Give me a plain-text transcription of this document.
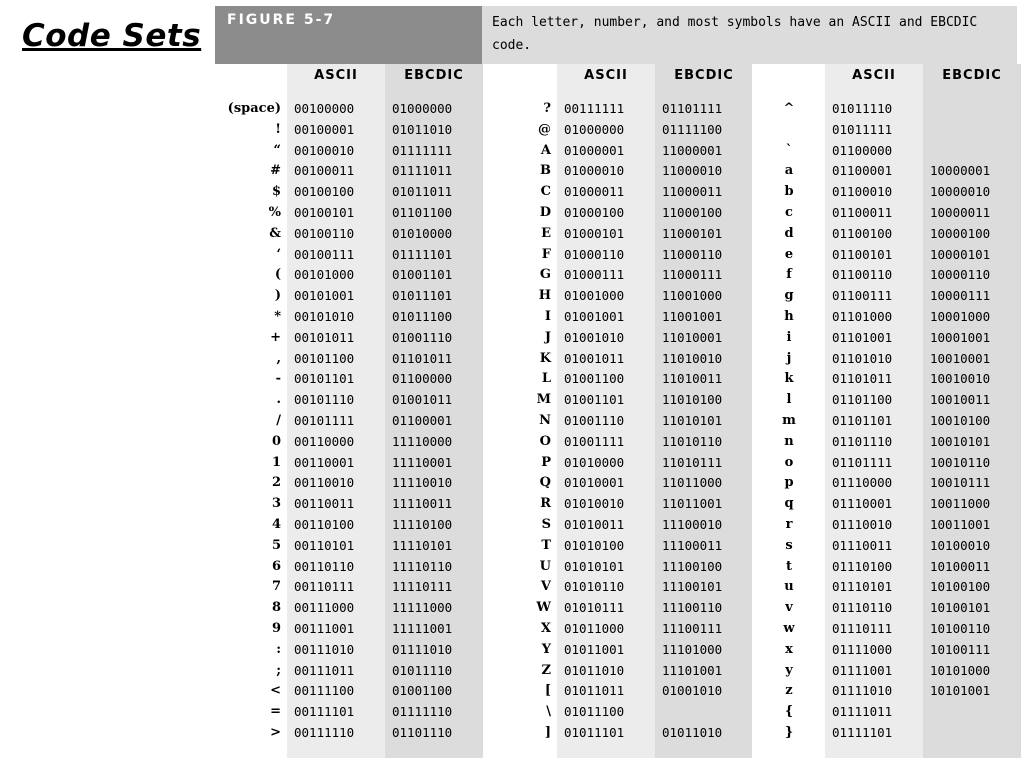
Code Sets	FIGURE 5-7	Each letter, number, and most symbols have an ASCII and EBCDIC code.
(space)
!
“
#
$
%
&
‘
(
)
*
+
,
-
.
/
0
1
2
3
4
5
6
7
8
9
:
;
<
=
>
ASCII
00100000
00100001
00100010
00100011
00100100
00100101
00100110
00100111
00101000
00101001
00101010
00101011
00101100
00101101
00101110
00101111
00110000
00110001
00110010
00110011
00110100
00110101
00110110
00110111
00111000
00111001
00111010
00111011
00111100
00111101
00111110
EBCDIC
01000000
01011010
01111111
01111011
01011011
01101100
01010000
01111101
01001101
01011101
01011100
01001110
01101011
01100000
01001011
01100001
11110000
11110001
11110010
11110011
11110100
11110101
11110110
11110111
11111000
11111001
01111010
01011110
01001100
01111110
01101110
?
@
A
B
C
D
E
F
G
H
I
J
K
L
M
N
O
P
Q
R
S
T
U
V
W
X
Y
Z
[
\
]
ASCII
00111111
01000000
01000001
01000010
01000011
01000100
01000101
01000110
01000111
01001000
01001001
01001010
01001011
01001100
01001101
01001110
01001111
01010000
01010001
01010010
01010011
01010100
01010101
01010110
01010111
01011000
01011001
01011010
01011011
01011100
01011101
EBCDIC
01101111
01111100
11000001
11000010
11000011
11000100
11000101
11000110
11000111
11001000
11001001
11010001
11010010
11010011
11010100
11010101
11010110
11010111
11011000
11011001
11100010
11100011
11100100
11100101
11100110
11100111
11101000
11101001
01001010
01011010
^
`
a
b
c
d
e
f
g
h
i
j
k
l
m
n
o
p
q
r
s
t
u
v
w
x
y
z
{
}
ASCII
01011110
01011111
01100000
01100001
01100010
01100011
01100100
01100101
01100110
01100111
01101000
01101001
01101010
01101011
01101100
01101101
01101110
01101111
01110000
01110001
01110010
01110011
01110100
01110101
01110110
01110111
01111000
01111001
01111010
01111011
01111101
EBCDIC
10000001
10000010
10000011
10000100
10000101
10000110
10000111
10001000
10001001
10010001
10010010
10010011
10010100
10010101
10010110
10010111
10011000
10011001
10100010
10100011
10100100
10100101
10100110
10100111
10101000
10101001
